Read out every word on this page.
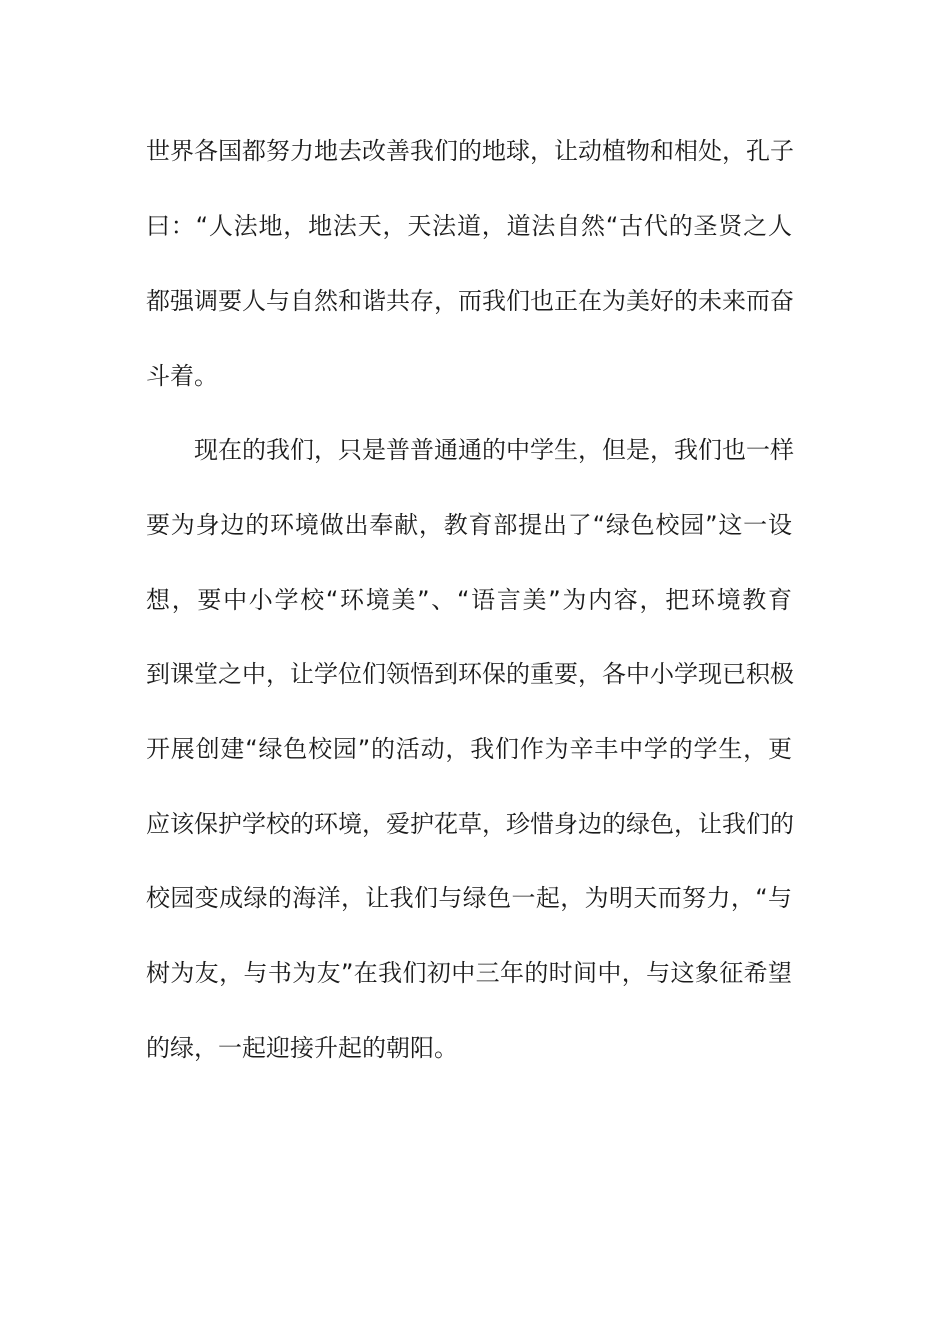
世界各国都努力地去改善我们的地球，让动植物和相处，孔子
曰：“人法地，地法天，天法道，道法自然“古代的圣贤之人
都强调要人与自然和谐共存，而我们也正在为美好的未来而奋
斗着。
现在的我们，只是普普通通的中学生，但是，我们也一样
要为身边的环境做出奉献，教育部提出了“绿色校园”这一设
想，要中小学校“环境美”、“语言美”为内容，把环境教育
到课堂之中，让学位们领悟到环保的重要，各中小学现已积极
开展创建“绿色校园”的活动，我们作为辛丰中学的学生，更
应该保护学校的环境，爱护花草，珍惜身边的绿色，让我们的
校园变成绿的海洋，让我们与绿色一起，为明天而努力，“与
树为友，与书为友”在我们初中三年的时间中，与这象征希望
的绿，一起迎接升起的朝阳。
